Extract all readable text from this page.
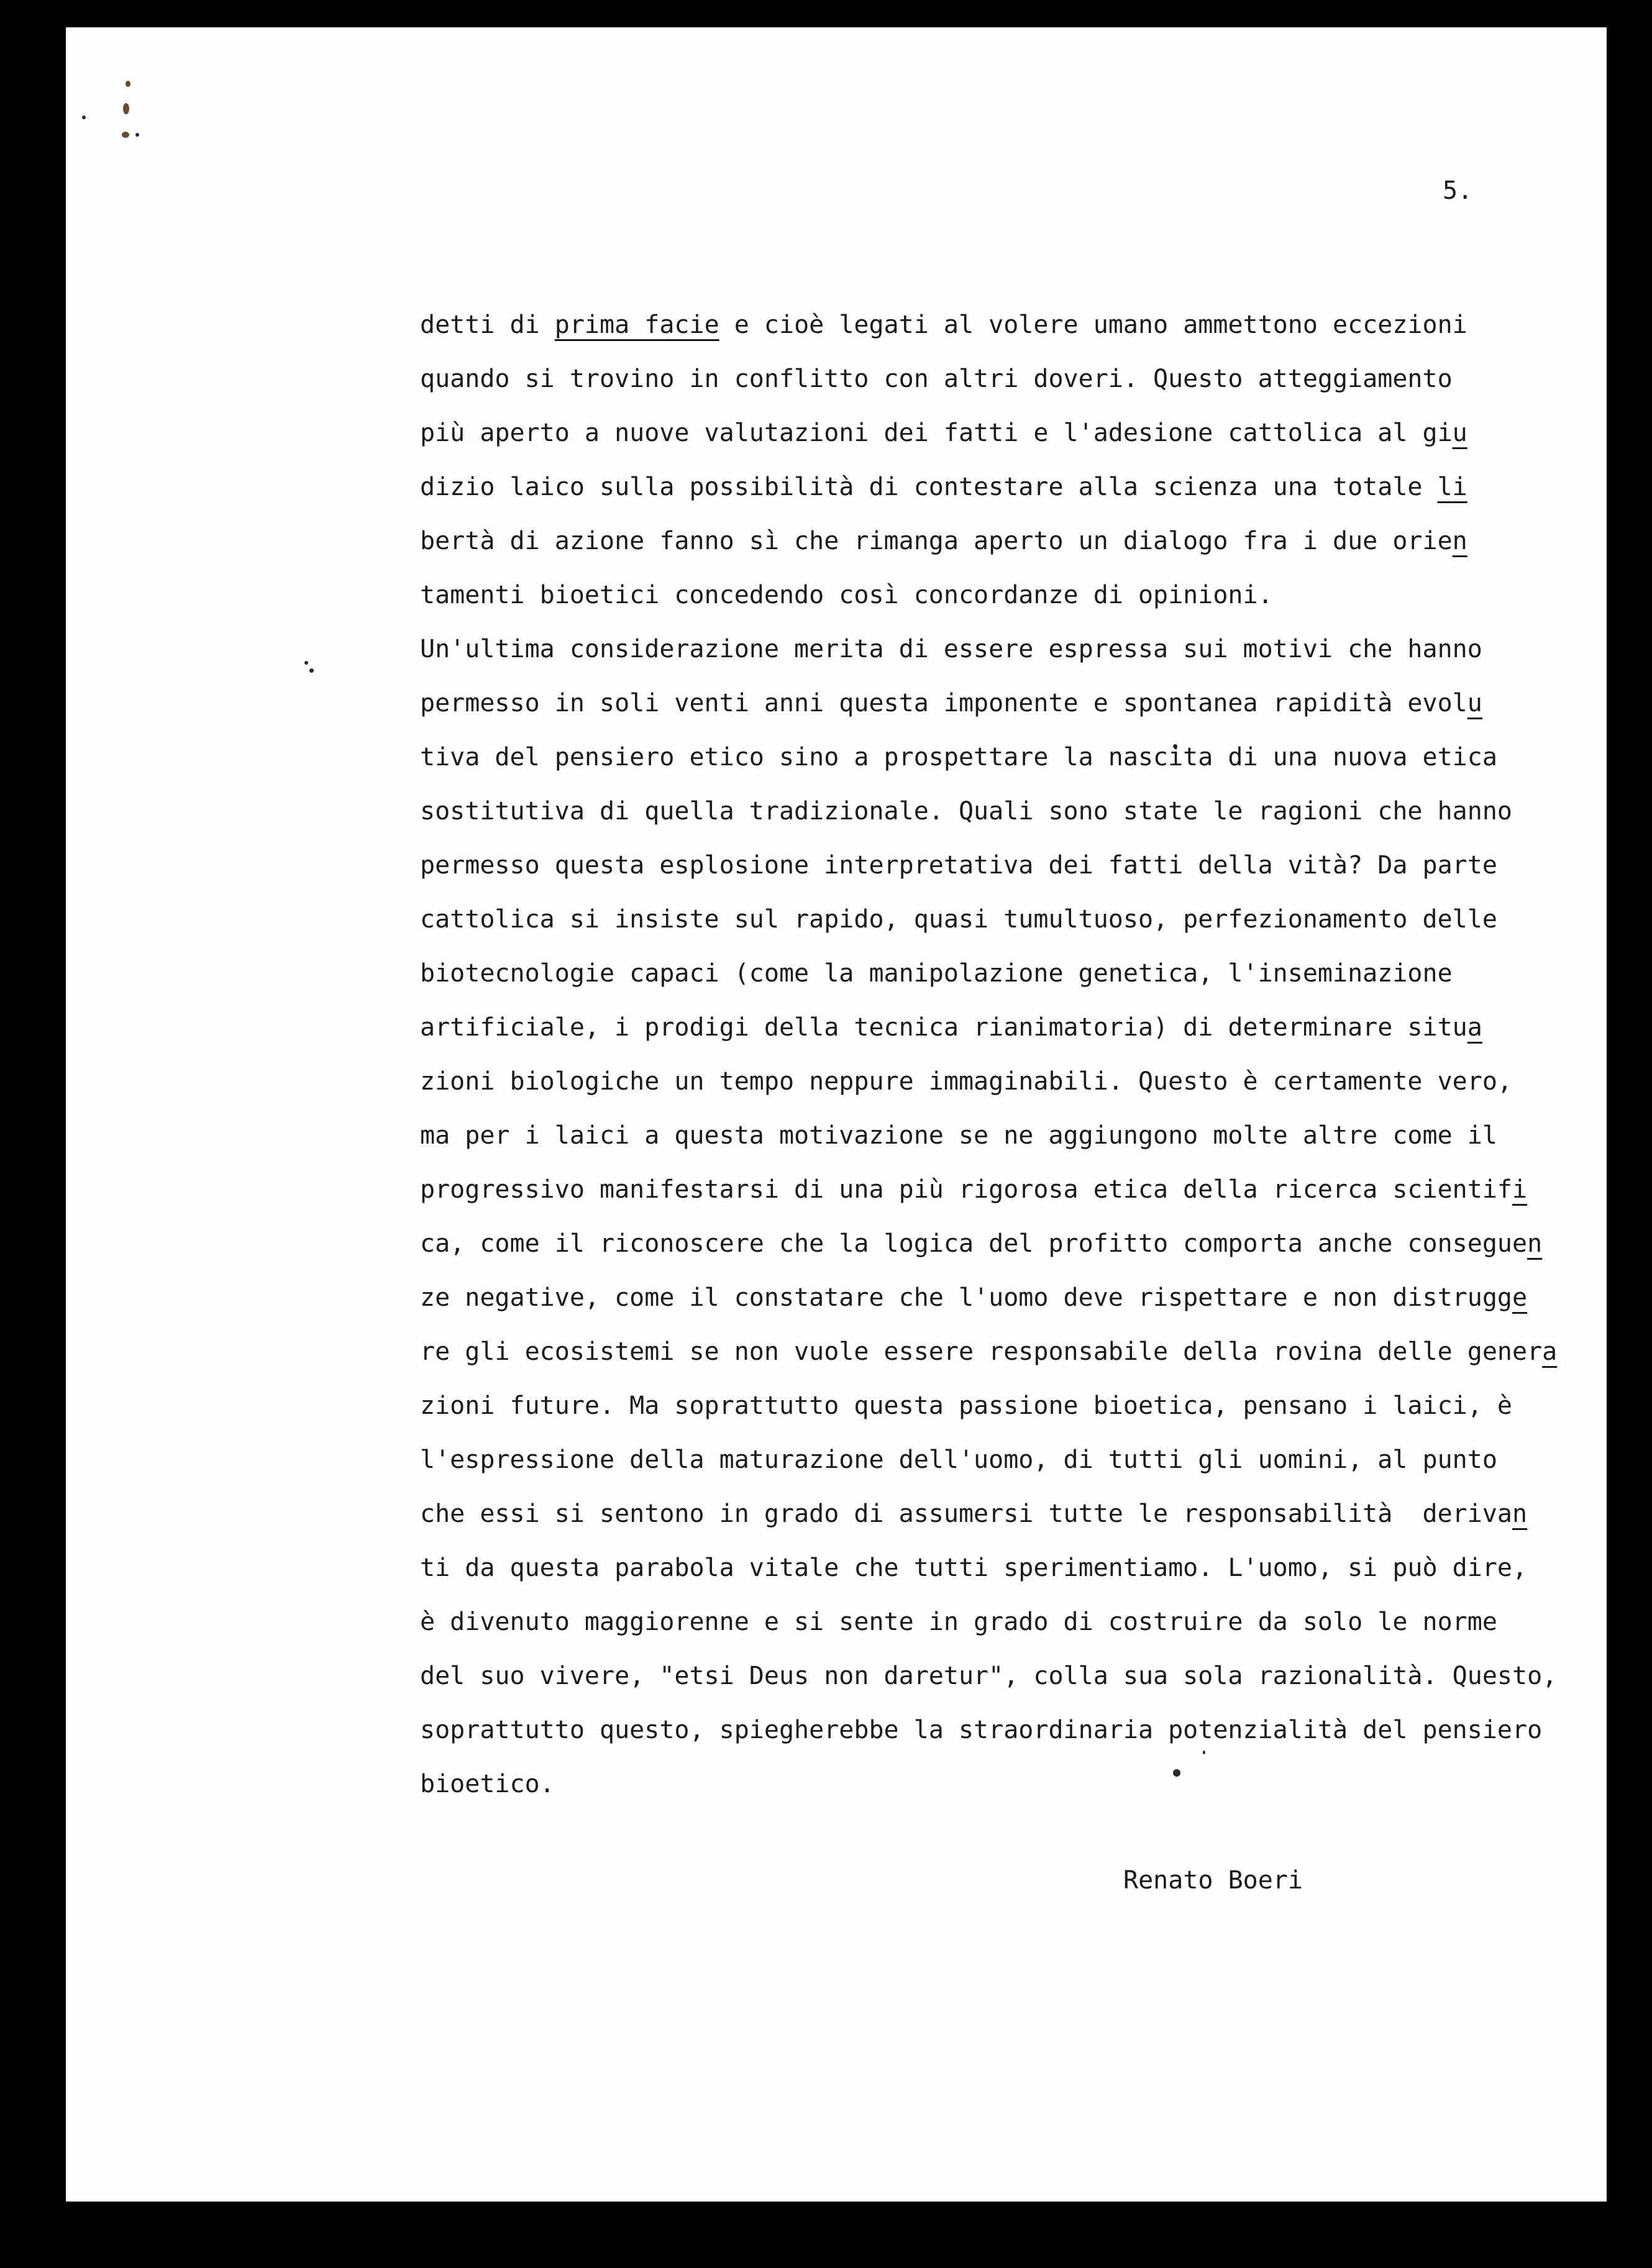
5.
detti di prima facie e cioè legati al volere umano ammettono eccezioni
quando si trovino in conflitto con altri doveri. Questo atteggiamento
più aperto a nuove valutazioni dei fatti e l'adesione cattolica al giu
dizio laico sulla possibilità di contestare alla scienza una totale li
bertà di azione fanno sì che rimanga aperto un dialogo fra i due orien
tamenti bioetici concedendo così concordanze di opinioni.
Un'ultima considerazione merita di essere espressa sui motivi che hanno
permesso in soli venti anni questa imponente e spontanea rapidità evolu
tiva del pensiero etico sino a prospettare la nascita di una nuova etica
sostitutiva di quella tradizionale. Quali sono state le ragioni che hanno
permesso questa esplosione interpretativa dei fatti della vità? Da parte
cattolica si insiste sul rapido, quasi tumultuoso, perfezionamento delle
biotecnologie capaci (come la manipolazione genetica, l'inseminazione
artificiale, i prodigi della tecnica rianimatoria) di determinare situa
zioni biologiche un tempo neppure immaginabili. Questo è certamente vero,
ma per i laici a questa motivazione se ne aggiungono molte altre come il
progressivo manifestarsi di una più rigorosa etica della ricerca scientifi
ca, come il riconoscere che la logica del profitto comporta anche conseguen
ze negative, come il constatare che l'uomo deve rispettare e non distrugge
re gli ecosistemi se non vuole essere responsabile della rovina delle genera
zioni future. Ma soprattutto questa passione bioetica, pensano i laici, è
l'espressione della maturazione dell'uomo, di tutti gli uomini, al punto
che essi si sentono in grado di assumersi tutte le responsabilità  derivan
ti da questa parabola vitale che tutti sperimentiamo. L'uomo, si può dire,
è divenuto maggiorenne e si sente in grado di costruire da solo le norme
del suo vivere, "etsi Deus non daretur", colla sua sola razionalità. Questo,
soprattutto questo, spiegherebbe la straordinaria potenzialità del pensiero
bioetico.
Renato Boeri
